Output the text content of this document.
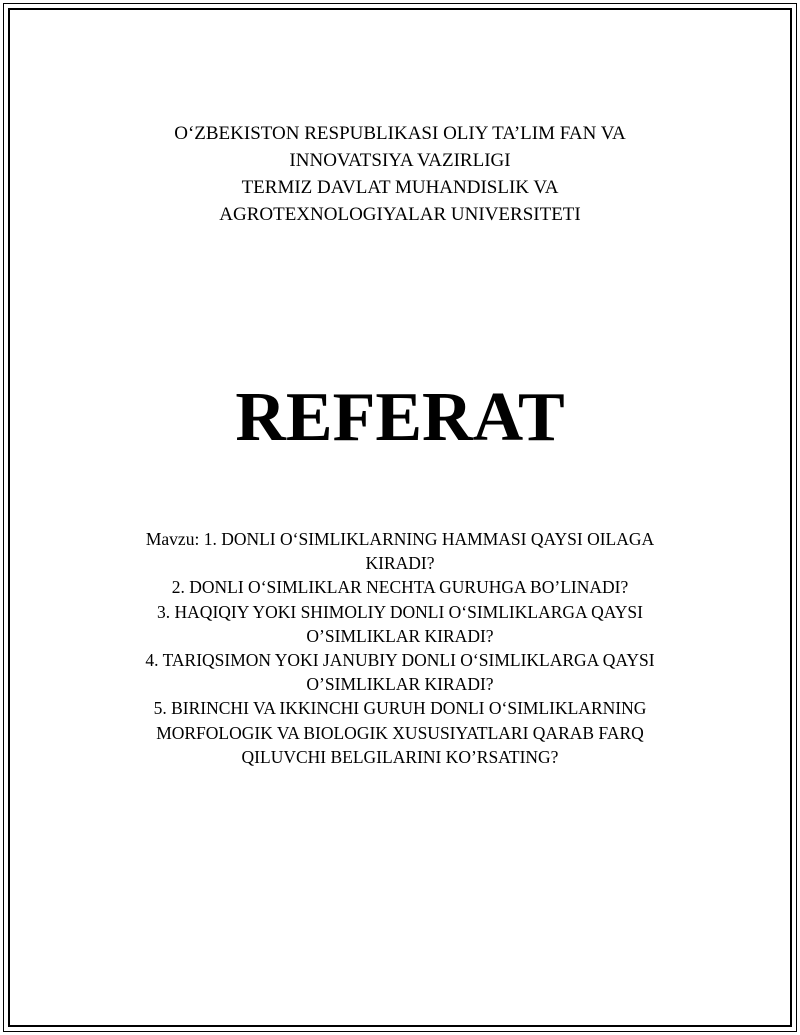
O‘ZBEKISTON RESPUBLIKASI OLIY TA’LIM FAN VA
INNOVATSIYA VAZIRLIGI
TERMIZ DAVLAT MUHANDISLIK VA
AGROTEXNOLOGIYALAR UNIVERSITETI
REFERAT
Mavzu: 1. DONLI O‘SIMLIKLARNING HAMMASI QAYSI OILAGA
KIRADI?
2. DONLI O‘SIMLIKLAR NECHTA GURUHGA BO’LINADI?
3. HAQIQIY YOKI SHIMOLIY DONLI O‘SIMLIKLARGA QAYSI
O’SIMLIKLAR KIRADI?
4. TARIQSIMON YOKI JANUBIY DONLI O‘SIMLIKLARGA QAYSI
O’SIMLIKLAR KIRADI?
5. BIRINCHI VA IKKINCHI GURUH DONLI O‘SIMLIKLARNING
MORFOLOGIK VA BIOLOGIK XUSUSIYATLARI QARAB FARQ
QILUVCHI BELGILARINI KO’RSATING?
